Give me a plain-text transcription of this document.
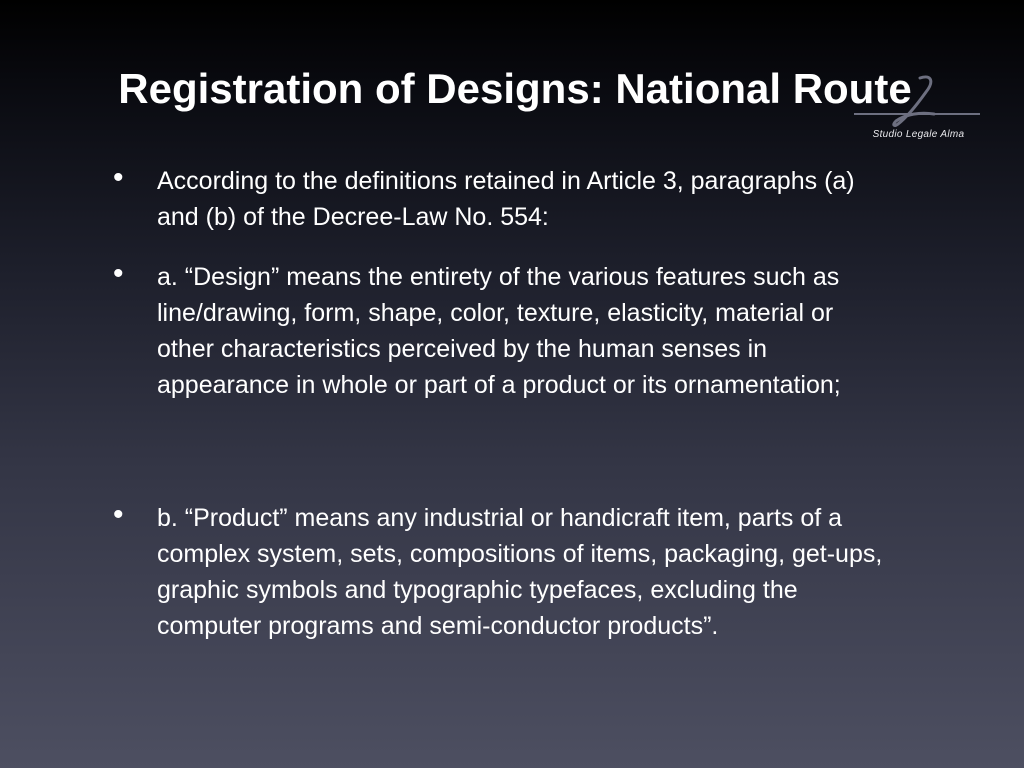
Registration of Designs: National Route
Studio Legale Alma
• According to the definitions retained in Article 3, paragraphs (a) and (b) of the Decree-Law No. 554:
• a. “Design” means the entirety of the various features such as line/drawing, form, shape, color, texture, elasticity, material or other characteristics perceived by the human senses in appearance in whole or part of a product or its ornamentation;
• b. “Product” means any industrial or handicraft item, parts of a complex system, sets, compositions of items, packaging, get-ups, graphic symbols and typographic typefaces, excluding the computer programs and semi-conductor products”.
